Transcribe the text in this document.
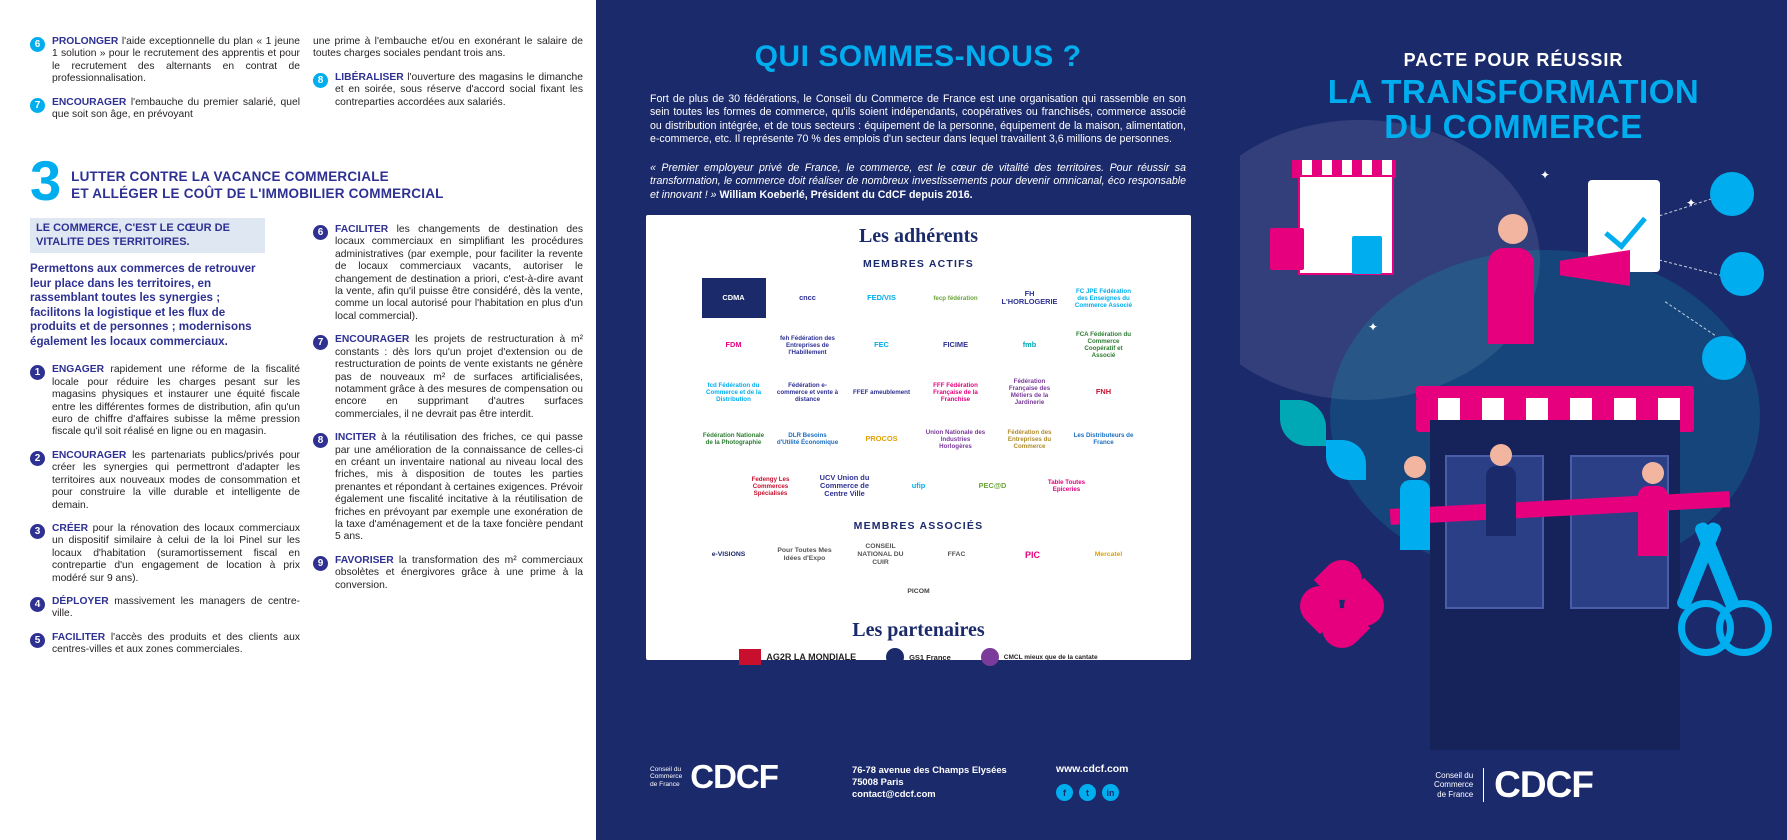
6	PROLONGER l'aide exceptionnelle du plan « 1 jeune 1 solution » pour le recrutement des apprentis et pour le recrutement des alternants en contrat de professionnalisation.
7	ENCOURAGER l'embauche du premier salarié, quel que soit son âge, en prévoyant
1	ENGAGER rapidement une réforme de la fiscalité locale pour réduire les charges pesant sur les magasins physiques et instaurer une équité fiscale entre les différentes formes de distribution, afin qu'un euro de chiffre d'affaires subisse la même pression fiscale qu'il soit réalisé en ligne ou en magasin.
2	ENCOURAGER les partenariats publics/privés pour créer les synergies qui permettront d'adapter les territoires aux nouveaux modes de consommation et pour construire la ville durable et intelligente de demain.
3	CRÉER pour la rénovation des locaux commerciaux un dispositif similaire à celui de la loi Pinel sur les locaux d'habitation (suramortissement fiscal en contrepartie d'un engagement de location à prix modéré sur 9 ans).
4	DÉPLOYER massivement les managers de centre-ville.
5	FACILITER l'accès des produits et des clients aux centres-villes et aux zones commerciales.
une prime à l'embauche et/ou en exonérant le salaire de toutes charges sociales pendant trois ans.
8	LIBÉRALISER l'ouverture des magasins le dimanche et en soirée, sous réserve d'accord social fixant les contreparties accordées aux salariés.
6	FACILITER les changements de destination des locaux commerciaux en simplifiant les procédures administratives (par exemple, pour faciliter la revente de locaux commerciaux vacants, autoriser le changement de destination a priori, c'est-à-dire avant la vente, afin qu'il puisse être considéré, dès la vente, comme un local autorisé pour l'habitation en plus d'un local commercial).
7	ENCOURAGER les projets de restructuration à m² constants : dès lors qu'un projet d'extension ou de restructuration de points de vente existants ne génère pas de nouveaux m² de surfaces artificialisées, notamment grâce à des mesures de compensation ou encore en supprimant d'autres surfaces commerciales, il ne devrait pas être interdit.
8	INCITER à la réutilisation des friches, ce qui passe par une amélioration de la connaissance de celles-ci en créant un inventaire national au niveau local des friches, mis à disposition de toutes les parties prenantes et répondant à certaines exigences. Prévoir également une fiscalité incitative à la réutilisation de friches en prévoyant par exemple une exonération de la taxe d'aménagement et de la taxe foncière pendant 5 ans.
9	FAVORISER la transformation des m² commerciaux obsolètes et énergivores grâce à une prime à la conversion.
3 LUTTER CONTRE LA VACANCE COMMERCIALE
ET ALLÉGER LE COÛT DE L'IMMOBILIER COMMERCIAL
LE COMMERCE, C'EST LE CŒUR DE
VITALITE DES TERRITOIRES.
Permettons aux commerces de retrouver leur place dans les territoires, en rassemblant toutes les synergies ; facilitons la logistique et les flux de produits et de personnes ; modernisons également les locaux commerciaux.
QUI SOMMES-NOUS ?
Fort de plus de 30 fédérations, le Conseil du Commerce de France est une organisation qui rassemble en son sein toutes les formes de commerce, qu'ils soient indépendants, coopératives ou franchisés, commerce associé ou distribution intégrée, et de tous secteurs : équipement de la personne, équipement de la maison, alimentation, e-commerce, etc. Il représente 70 % des emplois d'un secteur dans lequel travaillent 3,6 millions de personnes.
« Premier employeur privé de France, le commerce, est le cœur de vitalité des territoires. Pour réussir sa transformation, le commerce doit réaliser de nombreux investissements pour devenir omnicanal, éco responsable et innovant ! » William Koeberlé, Président du CdCF depuis 2016.
Les adhérents
MEMBRES ACTIFS
CDMA	cncc	FED/VIS	fecp fédération	FH L'HORLOGERIE
FC JPE Fédération des Enseignes du Commerce Associé
FDM
feh Fédération des Entreprises de l'Habillement
FEC	FICIME	fmb
FCA Fédération du Commerce Coopératif et Associé
fcd Fédération du Commerce et de la Distribution
Fédération e-commerce et vente à distance
FFEF ameublement
FFF Fédération Française de la Franchise
Fédération Française des Métiers de la Jardinerie
FNH
Fédération Nationale de la Photographie
DLR Besoins d'Utilité Économique	PROCOS
Union Nationale des Industries Horlogères
Fédération des Entreprises du Commerce
Les Distributeurs de France
Fedengy Les Commerces Spécialisés
UCV Union du Commerce de Centre Ville
ufip	PEC@D	Table Toutes Epiceries
MEMBRES ASSOCIÉS
e-VISIONS
Pour Toutes Mes Idées d'Expo
CONSEIL NATIONAL DU CUIR
FFAC	PIC	Mercatel
PICOM
Les partenaires
AG2R LA MONDIALE	GS1 France	CMCL mieux que de la cantate
Conseil du
Commerce
de France CDCF	76-78 avenue des Champs Elysées
75008 Paris
contact@cdcf.com
www.cdcf.com
f	t	in
PACTE POUR RÉUSSIR
LA TRANSFORMATION
DU COMMERCE
✦
✦
✦
Conseil du
Commerce
de France CDCF
